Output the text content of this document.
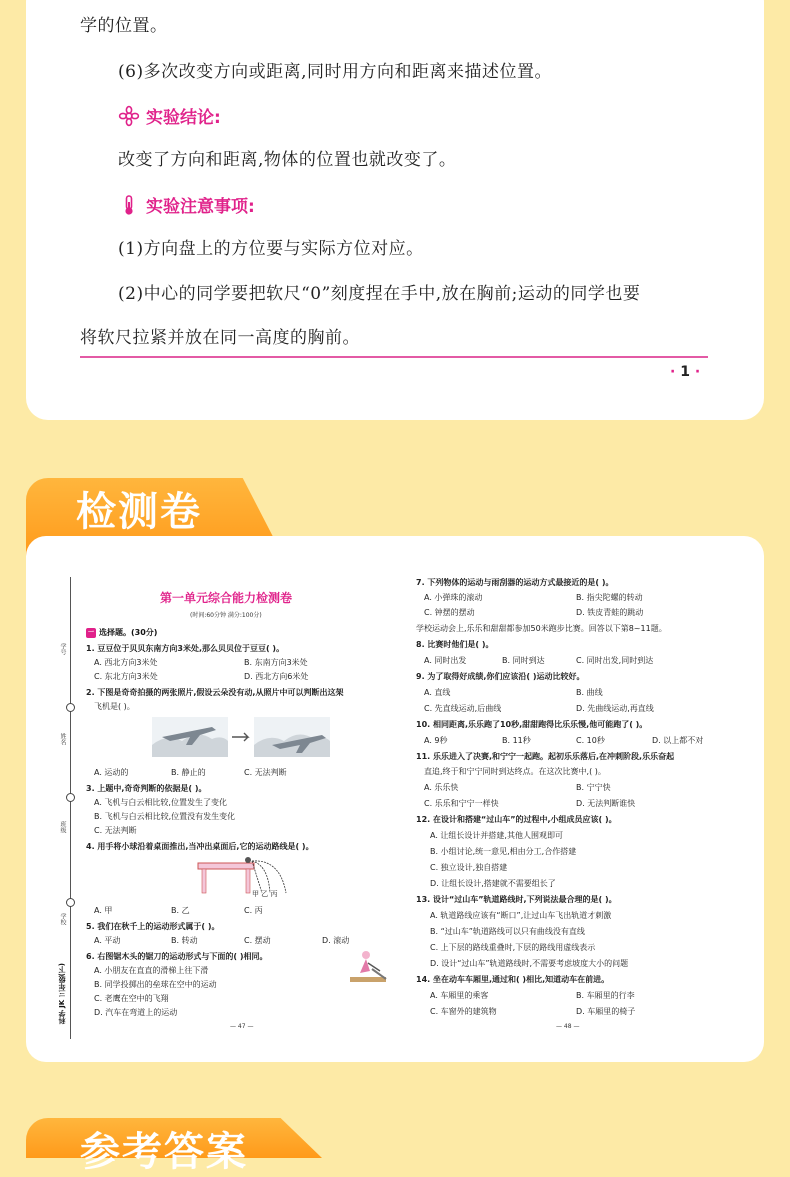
学的位置。
(6)多次改变方向或距离,同时用方向和距离来描述位置。
实验结论:
改变了方向和距离,物体的位置也就改变了。
实验注意事项:
(1)方向盘上的方位要与实际方位对应。
(2)中心的同学要把软尺“0”刻度捏在手中,放在胸前;运动的同学也要
将软尺拉紧并放在同一高度的胸前。
· 1 ·
检测卷
学号
姓名
班级
学校
科学 JK 三年级(下)
第一单元综合能力检测卷
(时间:60分钟 满分:100分)
一 选择题。(30分)
1. 豆豆位于贝贝东南方向3米处,那么贝贝位于豆豆( )。
A. 西北方向3米处	B. 东南方向3米处
C. 东北方向3米处	D. 西北方向6米处
2. 下图是奇奇拍摄的两张照片,假设云朵没有动,从照片中可以判断出这架
飞机是( )。
A. 运动的	B. 静止的	C. 无法判断
3. 上题中,奇奇判断的依据是( )。
A. 飞机与白云相比较,位置发生了变化
B. 飞机与白云相比较,位置没有发生变化
C. 无法判断
4. 用手将小球沿着桌面推出,当冲出桌面后,它的运动路线是( )。
甲 乙 丙
A. 甲	B. 乙	C. 丙
5. 我们在秋千上的运动形式属于( )。
A. 平动	B. 转动	C. 摆动	D. 滚动
6. 右图锯木头的锯刀的运动形式与下面的( )相同。
A. 小朋友在直直的滑梯上往下滑
B. 同学投掷出的垒球在空中的运动
C. 老鹰在空中的飞翔
D. 汽车在弯道上的运动
— 47 —
7. 下列物体的运动与雨刮器的运动方式最接近的是( )。
A. 小弹珠的滚动	B. 指尖陀螺的转动
C. 钟摆的摆动	D. 铁皮青蛙的跳动
学校运动会上,乐乐和甜甜都参加50米跑步比赛。回答以下第8~11题。
8. 比赛时他们是( )。
A. 同时出发	B. 同时到达	C. 同时出发,同时到达
9. 为了取得好成绩,你们应该沿( )运动比较好。
A. 直线	B. 曲线
C. 先直线运动,后曲线	D. 先曲线运动,再直线
10. 相同距离,乐乐跑了10秒,甜甜跑得比乐乐慢,他可能跑了( )。
A. 9秒	B. 11秒	C. 10秒	D. 以上都不对
11. 乐乐进入了决赛,和宁宁一起跑。起初乐乐落后,在冲刺阶段,乐乐奋起
直追,终于和宁宁同时到达终点。在这次比赛中,( )。
A. 乐乐快	B. 宁宁快
C. 乐乐和宁宁一样快	D. 无法判断谁快
12. 在设计和搭建“过山车”的过程中,小组成员应该( )。
A. 让组长设计并搭建,其他人围观即可
B. 小组讨论,统一意见,相由分工,合作搭建
C. 独立设计,独自搭建
D. 让组长设计,搭建就不需要组长了
13. 设计“过山车”轨道路线时,下列说法最合理的是( )。
A. 轨道路线应该有“断口”,让过山车飞出轨道才刺激
B. “过山车”轨道路线可以只有曲线没有直线
C. 上下层的路线重叠时,下层的路线用虚线表示
D. 设计“过山车”轨道路线时,不需要考虑坡度大小的问题
14. 坐在动车车厢里,通过和( )相比,知道动车在前进。
A. 车厢里的乘客	B. 车厢里的行李
C. 车窗外的建筑物	D. 车厢里的椅子
— 48 —
参考答案
